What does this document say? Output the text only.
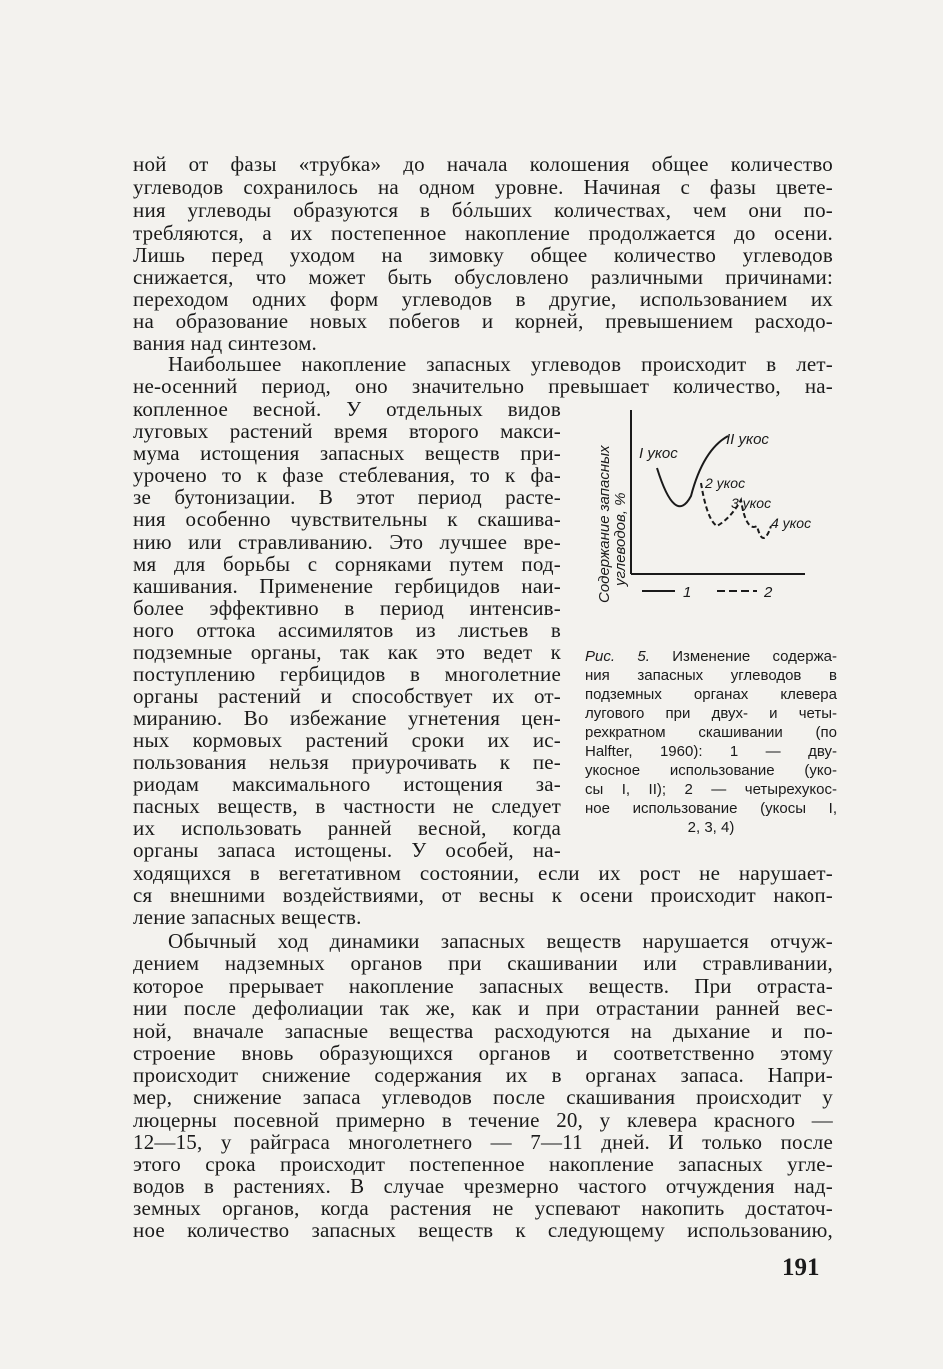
ной от фазы «трубка» до начала колошения общее количество
углеводов сохранилось на одном уровне. Начиная с фазы цвете-
ния углеводы образуются в бóльших количествах, чем они по-
требляются, а их постепенное накопление продолжается до осени.
Лишь перед уходом на зимовку общее количество углеводов
снижается, что может быть обусловлено различными причинами:
переходом одних форм углеводов в другие, использованием их
на образование новых побегов и корней, превышением расходо-
вания над синтезом.
Наибольшее накопление запасных углеводов происходит в лет-
не-осенний период, оно значительно превышает количество, на-
копленное весной. У отдельных видов
луговых растений время второго макси-
мума истощения запасных веществ при-
урочено то к фазе стеблевания, то к фа-
зе бутонизации. В этот период расте-
ния особенно чувствительны к скашива-
нию или стравливанию. Это лучшее вре-
мя для борьбы с сорняками путем под-
кашивания. Применение гербицидов наи-
более эффективно в период интенсив-
ного оттока ассимилятов из листьев в
подземные органы, так как это ведет к
поступлению гербицидов в многолетние
органы растений и способствует их от-
миранию. Во избежание угнетения цен-
ных кормовых растений сроки их ис-
пользования нельзя приурочивать к пе-
риодам максимального истощения за-
пасных веществ, в частности не следует
их использовать ранней весной, когда
органы запаса истощены. У особей, на-
ходящихся в вегетативном состоянии, если их рост не нарушает-
ся внешними воздействиями, от весны к осени происходит накоп-
ление запасных веществ.
Содержание запасных углеводов, %
I укос
II укос
2 укос
3 укос
4 укос
1	2
Рис. 5. Изменение содержа-
ния запасных углеводов в
подземных органах клевера
лугового при двух- и четы-
рехкратном скашивании (по
Halfter, 1960): 1 — дву-
укосное использование (уко-
сы I, II); 2 — четырехукос-
ное использование (укосы I,
2, 3, 4)
Обычный ход динамики запасных веществ нарушается отчуж-
дением надземных органов при скашивании или стравливании,
которое прерывает накопление запасных веществ. При отраста-
нии после дефолиации так же, как и при отрастании ранней вес-
ной, вначале запасные вещества расходуются на дыхание и по-
строение вновь образующихся органов и соответственно этому
происходит снижение содержания их в органах запаса. Напри-
мер, снижение запаса углеводов после скашивания происходит у
люцерны посевной примерно в течение 20, у клевера красного —
12—15, у райграса многолетнего — 7—11 дней. И только после
этого срока происходит постепенное накопление запасных угле-
водов в растениях. В случае чрезмерно частого отчуждения над-
земных органов, когда растения не успевают накопить достаточ-
ное количество запасных веществ к следующему использованию,
191
